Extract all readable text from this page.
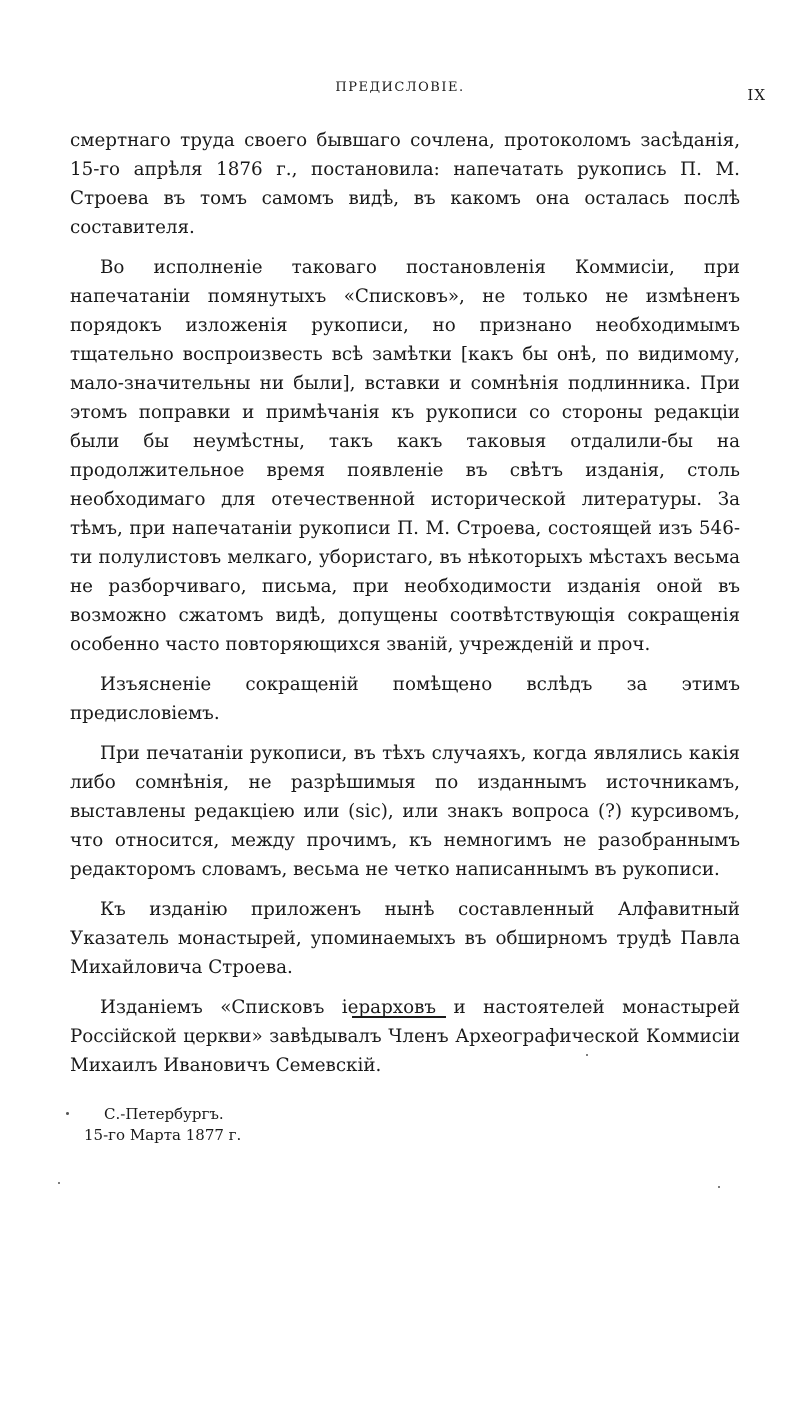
ПРЕДИСЛОВІЕ.	IX

смертнаго труда своего бывшаго сочлена, протоколомъ засѣданія, 15-го апрѣля 1876 г., постановила: напечатать рукопись П. М. Строева въ томъ самомъ видѣ, въ какомъ она осталась послѣ составителя.

Во исполненіе таковаго постановленія Коммисіи, при напечатаніи помянутыхъ «Списковъ», не только не измѣненъ порядокъ изложенія рукописи, но признано необходимымъ тщательно воспроизвесть всѣ замѣтки [какъ бы онѣ, по видимому, мало-значительны ни были], вставки и сомнѣнія подлинника. При этомъ поправки и примѣчанія къ рукописи со стороны редакціи были бы неумѣстны, такъ какъ таковыя отдалили-бы на продолжительное время появленіе въ свѣтъ изданія, столь необходимаго для отечественной исторической литературы. За тѣмъ, при напечатаніи рукописи П. М. Строева, состоящей изъ 546-ти полулистовъ мелкаго, убористаго, въ нѣкоторыхъ мѣстахъ весьма не разборчиваго, письма, при необходимости изданія оной въ возможно сжатомъ видѣ, допущены соотвѣтствующія сокращенія особенно часто повторяющихся званій, учрежденій и проч.

Изъясненіе сокращеній помѣщено вслѣдъ за этимъ предисловіемъ.

При печатаніи рукописи, въ тѣхъ случаяхъ, когда являлись какія либо сомнѣнія, не разрѣшимыя по изданнымъ источникамъ, выставлены редакціею или (sic), или знакъ вопроса (?) курсивомъ, что относится, между прочимъ, къ немногимъ не разобраннымъ редакторомъ словамъ, весьма не четко написаннымъ въ рукописи.

Къ изданію приложенъ нынѣ составленный Алфавитный Указатель монастырей, упоминаемыхъ въ обширномъ трудѣ Павла Михайловича Строева.

Изданіемъ «Списковъ іерарховъ и настоятелей монастырей Россійской церкви» завѣдывалъ Членъ Археографической Коммисіи Михаилъ Ивановичъ Семевскій.

С.-Петербургъ.
15-го Марта 1877 г.
